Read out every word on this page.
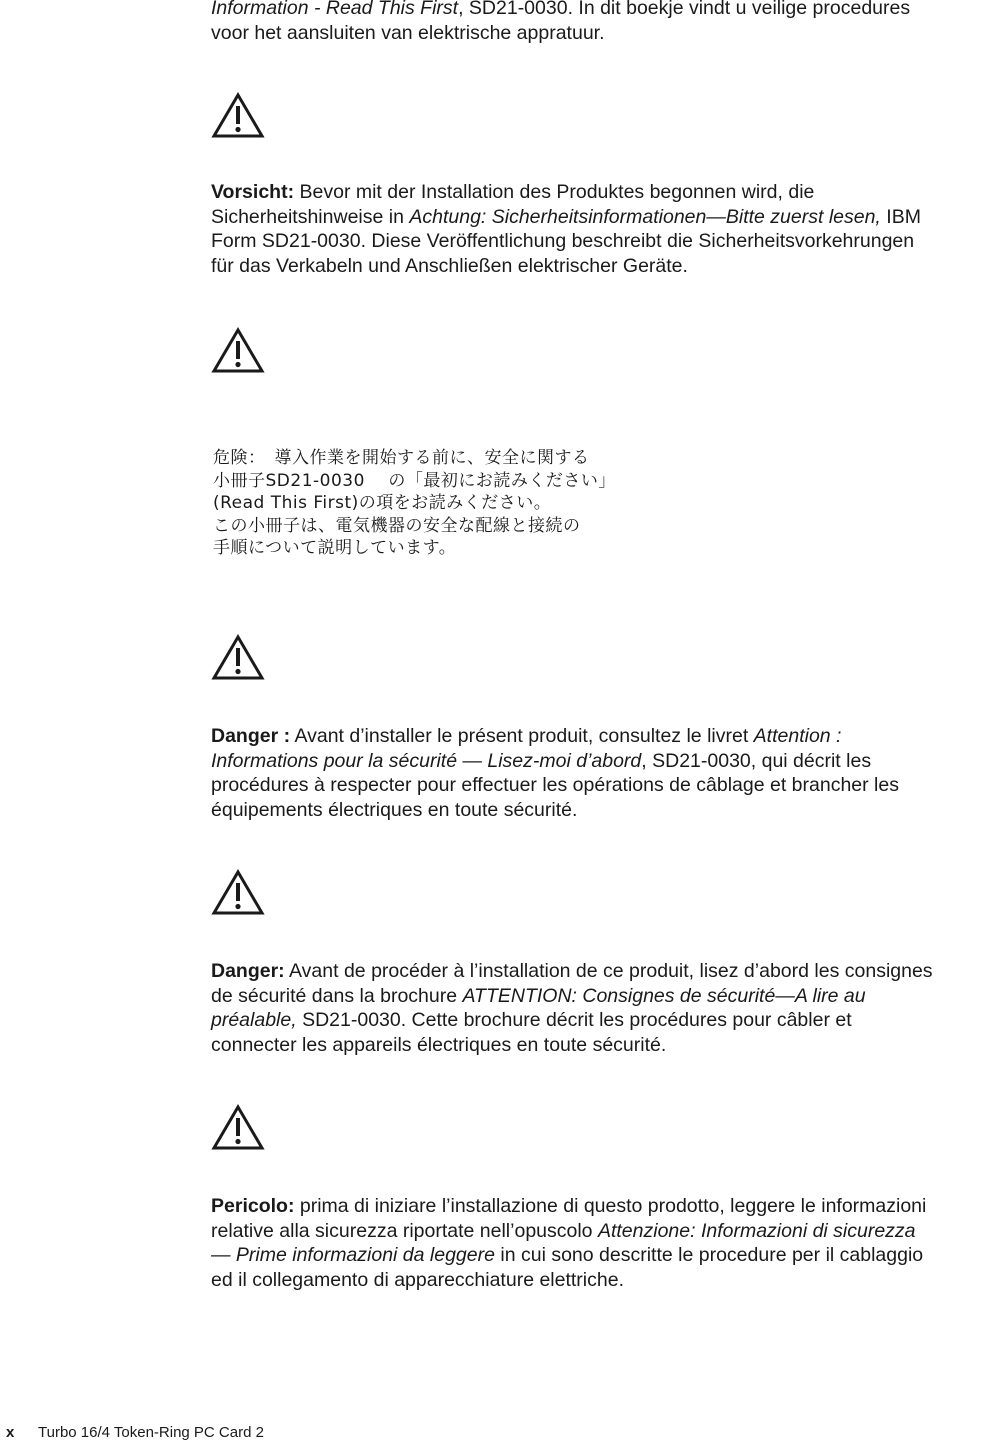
Information - Read This First, SD21-0030. In dit boekje vindt u veilige procedures
voor het aansluiten van elektrische appratuur.
Vorsicht: Bevor mit der Installation des Produktes begonnen wird, die
Sicherheitshinweise in Achtung: Sicherheitsinformationen—Bitte zuerst lesen, IBM
Form SD21-0030. Diese Veröffentlichung beschreibt die Sicherheitsvorkehrungen
für das Verkabeln und Anschließen elektrischer Geräte.
危険：　導入作業を開始する前に、安全に関する
小冊子SD21-0030　 の「最初にお読みください」
(Read This First)の項をお読みください。
この小冊子は、電気機器の安全な配線と接続の
手順について説明しています。
Danger : Avant d’installer le présent produit, consultez le livret Attention :
Informations pour la sécurité — Lisez-moi d’abord, SD21-0030, qui décrit les
procédures à respecter pour effectuer les opérations de câblage et brancher les
équipements électriques en toute sécurité.
Danger: Avant de procéder à l’installation de ce produit, lisez d’abord les consignes
de sécurité dans la brochure ATTENTION: Consignes de sécurité—A lire au
préalable, SD21-0030. Cette brochure décrit les procédures pour câbler et
connecter les appareils électriques en toute sécurité.
Pericolo: prima di iniziare l’installazione di questo prodotto, leggere le informazioni
relative alla sicurezza riportate nell’opuscolo Attenzione: Informazioni di sicurezza
— Prime informazioni da leggere in cui sono descritte le procedure per il cablaggio
ed il collegamento di apparecchiature elettriche.
x Turbo 16/4 Token-Ring PC Card 2
